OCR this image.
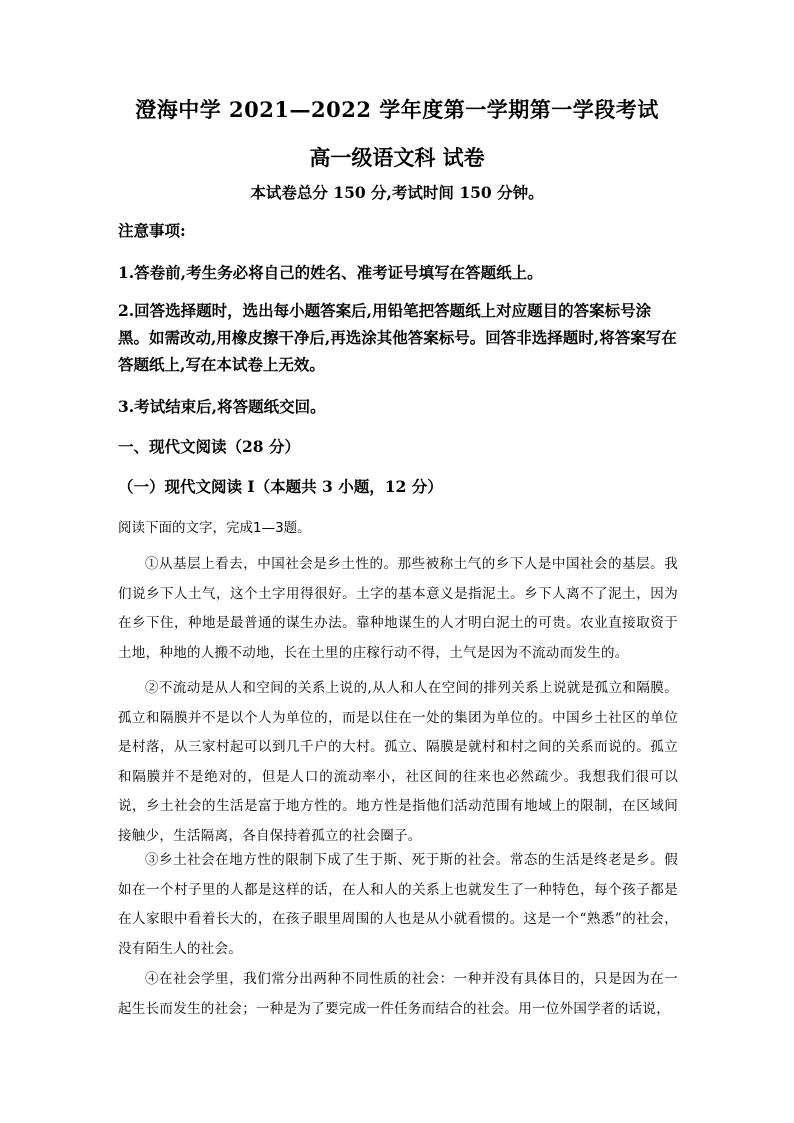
澄海中学 2021—2022 学年度第一学期第一学段考试
高一级语文科 试卷
本试卷总分 150 分,考试时间 150 分钟。
注意事项:
1.答卷前,考生务必将自己的姓名、准考证号填写在答题纸上。
2.回答选择题时，选出每小题答案后,用铅笔把答题纸上对应题目的答案标号涂黑。如需改动,用橡皮擦干净后,再选涂其他答案标号。回答非选择题时,将答案写在答题纸上,写在本试卷上无效。
3.考试结束后,将答题纸交回。
一、现代文阅读（28 分）
（一）现代文阅读 I（本题共 3 小题，12 分）
阅读下面的文字，完成1—3题。
①从基层上看去，中国社会是乡土性的。那些被称土气的乡下人是中国社会的基层。我们说乡下人土气，这个土字用得很好。土字的基本意义是指泥土。乡下人离不了泥土，因为在乡下住，种地是最普通的谋生办法。靠种地谋生的人才明白泥土的可贵。农业直接取资于土地，种地的人搬不动地，长在土里的庄稼行动不得，土气是因为不流动而发生的。
②不流动是从人和空间的关系上说的,从人和人在空间的排列关系上说就是孤立和隔膜。孤立和隔膜并不是以个人为单位的，而是以住在一处的集团为单位的。中国乡土社区的单位是村落，从三家村起可以到几千户的大村。孤立、隔膜是就村和村之间的关系而说的。孤立和隔膜并不是绝对的，但是人口的流动率小，社区间的往来也必然疏少。我想我们很可以说，乡土社会的生活是富于地方性的。地方性是指他们活动范围有地域上的限制，在区域间接触少，生活隔离，各自保持着孤立的社会圈子。
③乡土社会在地方性的限制下成了生于斯、死于斯的社会。常态的生活是终老是乡。假如在一个村子里的人都是这样的话，在人和人的关系上也就发生了一种特色，每个孩子都是在人家眼中看着长大的，在孩子眼里周围的人也是从小就看惯的。这是一个“熟悉”的社会，没有陌生人的社会。
④在社会学里，我们常分出两种不同性质的社会：一种并没有具体目的，只是因为在一起生长而发生的社会；一种是为了要完成一件任务而结合的社会。用一位外国学者的话说，
